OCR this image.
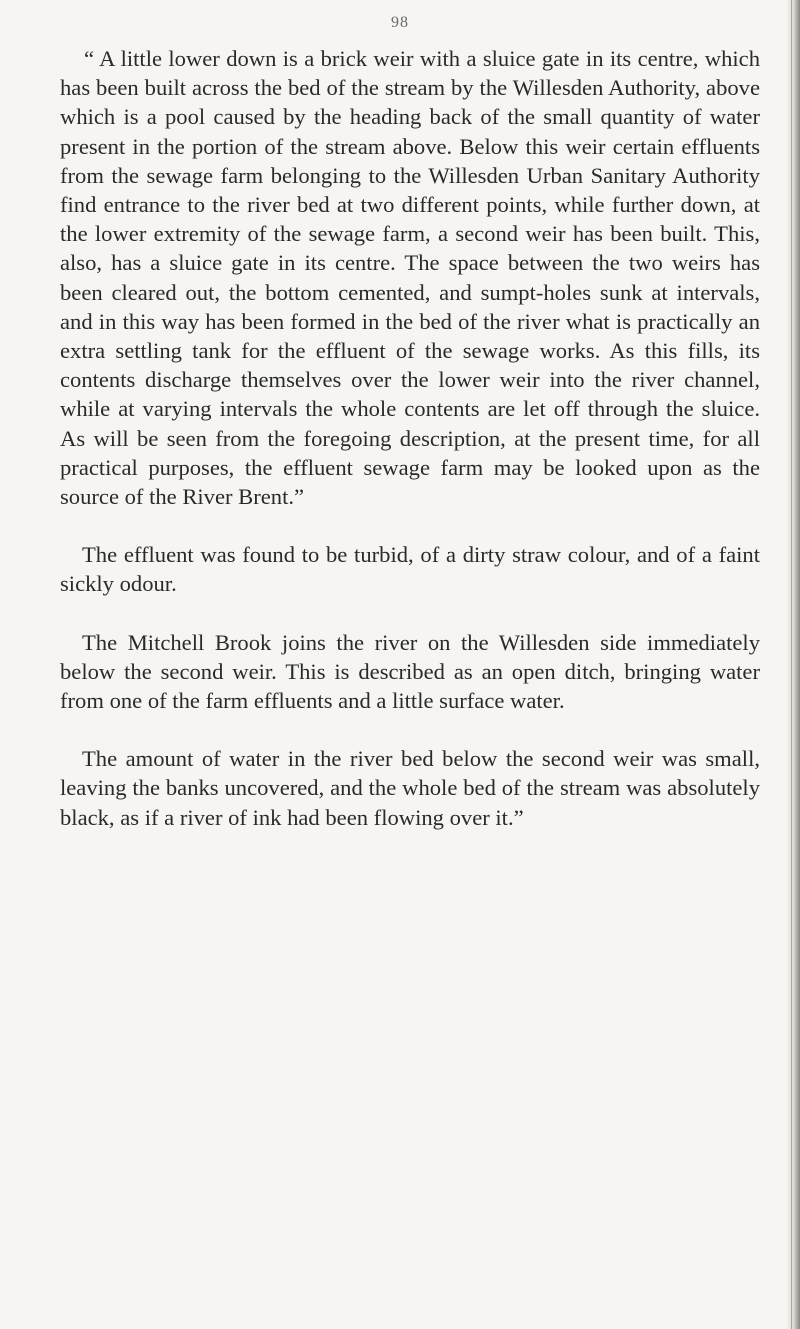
98

“ A little lower down is a brick weir with a sluice gate in its centre, which has been built across the bed of the stream by the Willesden Authority, above which is a pool caused by the heading back of the small quantity of water present in the portion of the stream above. Below this weir certain effluents from the sewage farm belonging to the Willesden Urban Sanitary Authority find entrance to the river bed at two different points, while further down, at the lower extremity of the sewage farm, a second weir has been built. This, also, has a sluice gate in its centre. The space between the two weirs has been cleared out, the bottom cemented, and sumpt-holes sunk at intervals, and in this way has been formed in the bed of the river what is practically an extra settling tank for the effluent of the sewage works. As this fills, its contents discharge themselves over the lower weir into the river channel, while at varying intervals the whole contents are let off through the sluice. As will be seen from the foregoing description, at the present time, for all practical purposes, the effluent sewage farm may be looked upon as the source of the River Brent.”

The effluent was found to be turbid, of a dirty straw colour, and of a faint sickly odour.

The Mitchell Brook joins the river on the Willesden side immediately below the second weir. This is described as an open ditch, bringing water from one of the farm effluents and a little surface water.

The amount of water in the river bed below the second weir was small, leaving the banks uncovered, and the whole bed of the stream was absolutely black, as if a river of ink had been flowing over it.”
